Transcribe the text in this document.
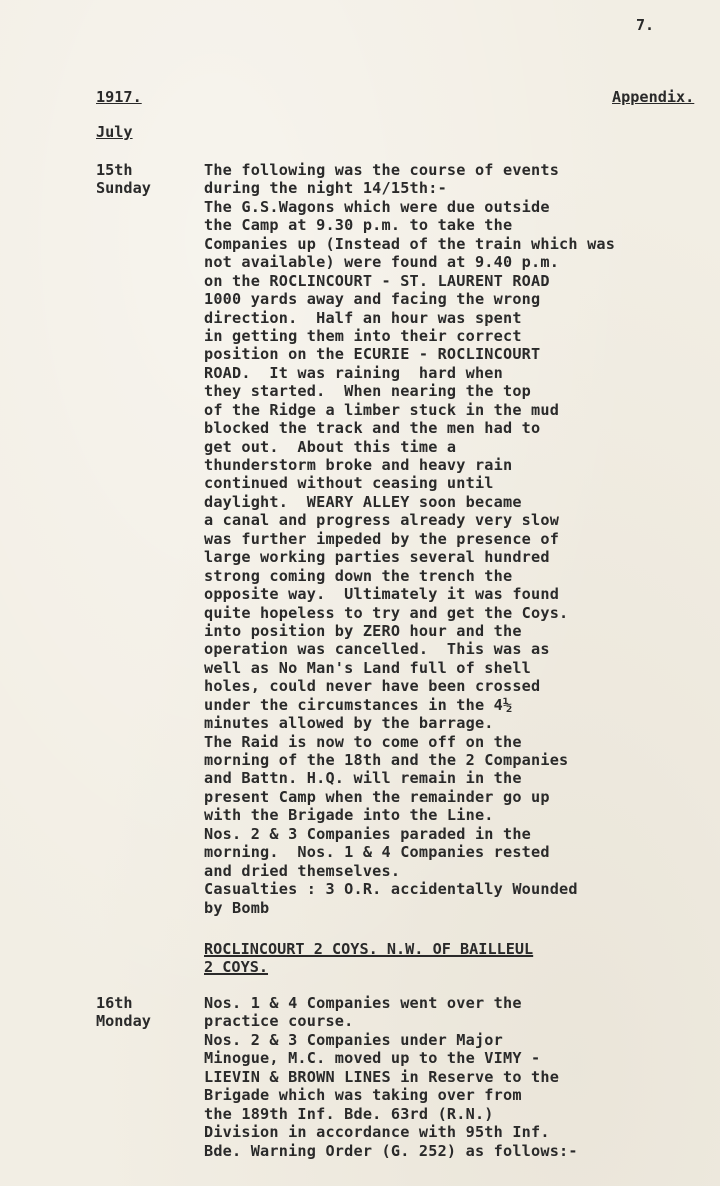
7.
1917.	Appendix.
July
15th
Sunday
The following was the course of events
during the night 14/15th:-
The G.S.Wagons which were due outside
the Camp at 9.30 p.m. to take the
Companies up (Instead of the train which was
not available) were found at 9.40 p.m.
on the ROCLINCOURT - ST. LAURENT ROAD
1000 yards away and facing the wrong
direction.  Half an hour was spent
in getting them into their correct
position on the ECURIE - ROCLINCOURT
ROAD.  It was raining  hard when
they started.  When nearing the top
of the Ridge a limber stuck in the mud
blocked the track and the men had to
get out.  About this time a
thunderstorm broke and heavy rain
continued without ceasing until
daylight.  WEARY ALLEY soon became
a canal and progress already very slow
was further impeded by the presence of
large working parties several hundred
strong coming down the trench the
opposite way.  Ultimately it was found
quite hopeless to try and get the Coys.
into position by ZERO hour and the
operation was cancelled.  This was as
well as No Man's Land full of shell
holes, could never have been crossed
under the circumstances in the 4½
minutes allowed by the barrage.
The Raid is now to come off on the
morning of the 18th and the 2 Companies
and Battn. H.Q. will remain in the
present Camp when the remainder go up
with the Brigade into the Line.
Nos. 2 & 3 Companies paraded in the
morning.  Nos. 1 & 4 Companies rested
and dried themselves.
Casualties : 3 O.R. accidentally Wounded
by Bomb
ROCLINCOURT 2 COYS. N.W. OF BAILLEUL
2 COYS.
16th
Monday
Nos. 1 & 4 Companies went over the
practice course.
Nos. 2 & 3 Companies under Major
Minogue, M.C. moved up to the VIMY -
LIEVIN & BROWN LINES in Reserve to the
Brigade which was taking over from
the 189th Inf. Bde. 63rd (R.N.)
Division in accordance with 95th Inf.
Bde. Warning Order (G. 252) as follows:-
